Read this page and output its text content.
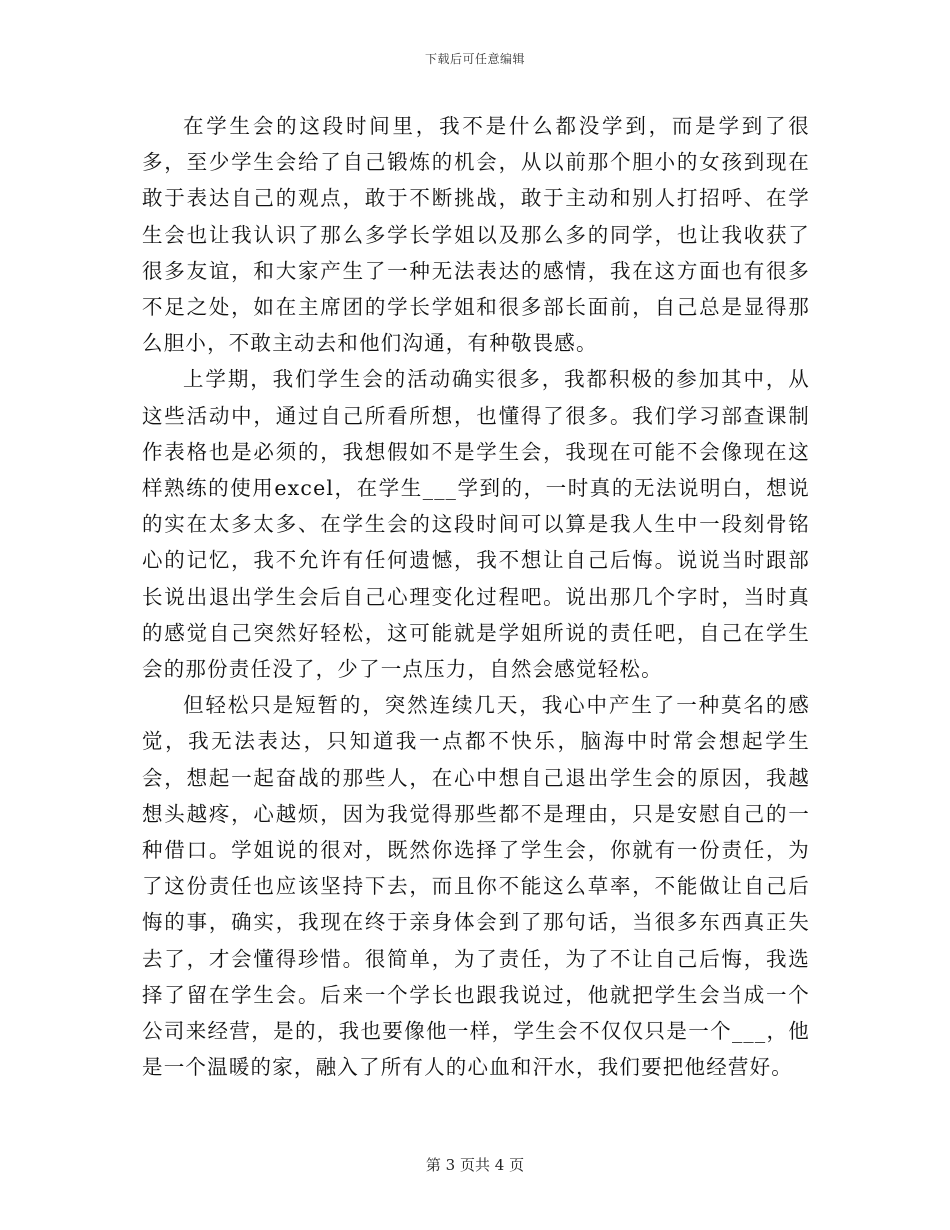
下载后可任意编辑

在学生会的这段时间里，我不是什么都没学到，而是学到了很多，至少学生会给了自己锻炼的机会，从以前那个胆小的女孩到现在敢于表达自己的观点，敢于不断挑战，敢于主动和别人打招呼、在学生会也让我认识了那么多学长学姐以及那么多的同学，也让我收获了很多友谊，和大家产生了一种无法表达的感情，我在这方面也有很多不足之处，如在主席团的学长学姐和很多部长面前，自己总是显得那么胆小，不敢主动去和他们沟通，有种敬畏感。

上学期，我们学生会的活动确实很多，我都积极的参加其中，从这些活动中，通过自己所看所想，也懂得了很多。我们学习部查课制作表格也是必须的，我想假如不是学生会，我现在可能不会像现在这样熟练的使用excel，在学生___学到的，一时真的无法说明白，想说的实在太多太多、在学生会的这段时间可以算是我人生中一段刻骨铭心的记忆，我不允许有任何遗憾，我不想让自己后悔。说说当时跟部长说出退出学生会后自己心理变化过程吧。说出那几个字时，当时真的感觉自己突然好轻松，这可能就是学姐所说的责任吧，自己在学生会的那份责任没了，少了一点压力，自然会感觉轻松。

但轻松只是短暂的，突然连续几天，我心中产生了一种莫名的感觉，我无法表达，只知道我一点都不快乐，脑海中时常会想起学生会，想起一起奋战的那些人，在心中想自己退出学生会的原因，我越想头越疼，心越烦，因为我觉得那些都不是理由，只是安慰自己的一种借口。学姐说的很对，既然你选择了学生会，你就有一份责任，为了这份责任也应该坚持下去，而且你不能这么草率，不能做让自己后悔的事，确实，我现在终于亲身体会到了那句话，当很多东西真正失去了，才会懂得珍惜。很简单，为了责任，为了不让自己后悔，我选择了留在学生会。后来一个学长也跟我说过，他就把学生会当成一个公司来经营，是的，我也要像他一样，学生会不仅仅只是一个___，他是一个温暖的家，融入了所有人的心血和汗水，我们要把他经营好。

第 3 页共 4 页
